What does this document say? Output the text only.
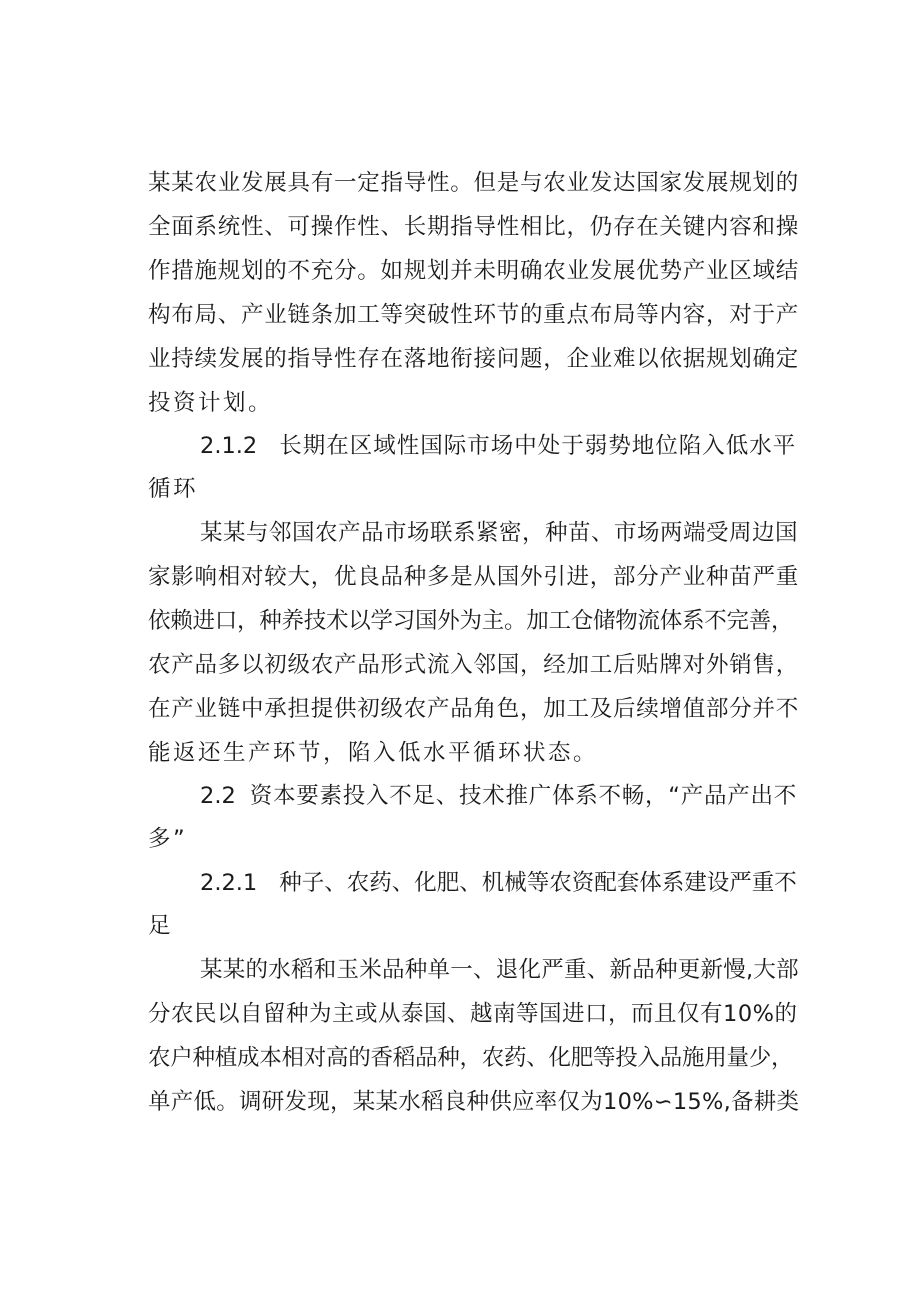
某某农业发展具有一定指导性。但是与农业发达国家发展规划的
全面系统性、可操作性、长期指导性相比，仍存在关键内容和操
作措施规划的不充分。如规划并未明确农业发展优势产业区域结
构布局、产业链条加工等突破性环节的重点布局等内容，对于产
业持续发展的指导性存在落地衔接问题，企业难以依据规划确定
投资计划。
2.1.2 长期在区域性国际市场中处于弱势地位陷入低水平
循环
某某与邻国农产品市场联系紧密，种苗、市场两端受周边国
家影响相对较大，优良品种多是从国外引进，部分产业种苗严重
依赖进口，种养技术以学习国外为主。加工仓储物流体系不完善，
农产品多以初级农产品形式流入邻国，经加工后贴牌对外销售，
在产业链中承担提供初级农产品角色，加工及后续增值部分并不
能返还生产环节，陷入低水平循环状态。
2.2 资本要素投入不足、技术推广体系不畅，“产品产出不
多”
2.2.1 种子、农药、化肥、机械等农资配套体系建设严重不
足
某某的水稻和玉米品种单一、退化严重、新品种更新慢,大部
分农民以自留种为主或从泰国、越南等国进口，而且仅有10%的
农户种植成本相对高的香稻品种，农药、化肥等投入品施用量少，
单产低。调研发现，某某水稻良种供应率仅为10%∽15%,备耕类
